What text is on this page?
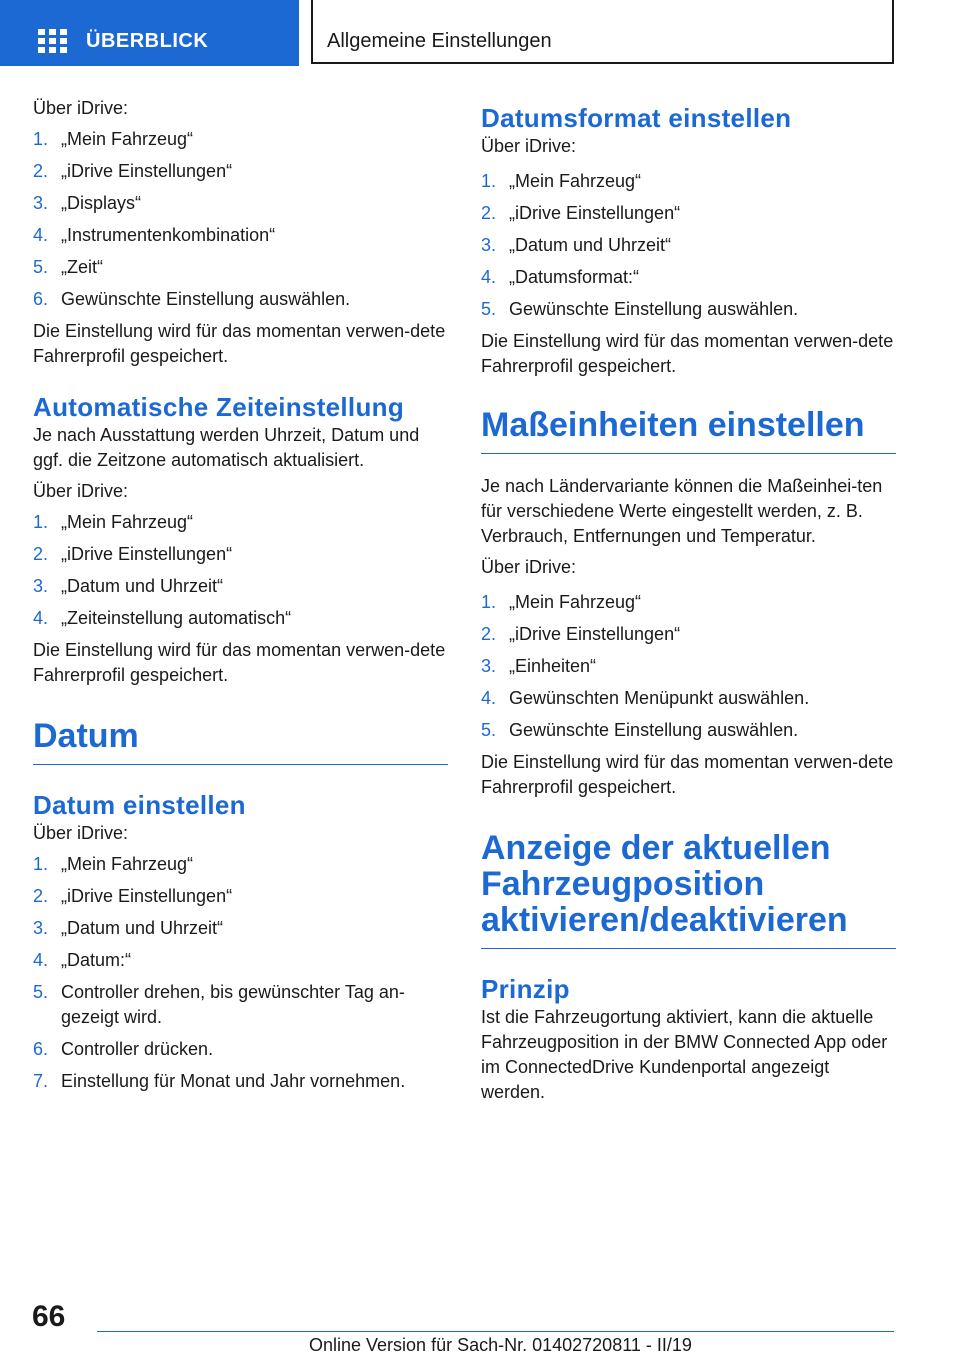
ÜBERBLICK	Allgemeine Einstellungen

Über iDrive:

1. „Mein Fahrzeug“
2. „iDrive Einstellungen“
3. „Displays“
4. „Instrumentenkombination“
5. „Zeit“
6. Gewünschte Einstellung auswählen.

Die Einstellung wird für das momentan verwen‐dete Fahrerprofil gespeichert.

Automatische Zeiteinstellung

Je nach Ausstattung werden Uhrzeit, Datum und ggf. die Zeitzone automatisch aktualisiert.

Über iDrive:

1. „Mein Fahrzeug“
2. „iDrive Einstellungen“
3. „Datum und Uhrzeit“
4. „Zeiteinstellung automatisch“

Die Einstellung wird für das momentan verwen‐dete Fahrerprofil gespeichert.

Datum
Datum einstellen

Über iDrive:

1. „Mein Fahrzeug“
2. „iDrive Einstellungen“
3. „Datum und Uhrzeit“
4. „Datum:“
5. Controller drehen, bis gewünschter Tag an‐gezeigt wird.
6. Controller drücken.
7. Einstellung für Monat und Jahr vornehmen.
Datumsformat einstellen

Über iDrive:

1. „Mein Fahrzeug“
2. „iDrive Einstellungen“
3. „Datum und Uhrzeit“
4. „Datumsformat:“
5. Gewünschte Einstellung auswählen.

Die Einstellung wird für das momentan verwen‐dete Fahrerprofil gespeichert.

Maßeinheiten einstellen

Je nach Ländervariante können die Maßeinhei‐ten für verschiedene Werte eingestellt werden, z. B. Verbrauch, Entfernungen und Temperatur.

Über iDrive:

1. „Mein Fahrzeug“
2. „iDrive Einstellungen“
3. „Einheiten“
4. Gewünschten Menüpunkt auswählen.
5. Gewünschte Einstellung auswählen.

Die Einstellung wird für das momentan verwen‐dete Fahrerprofil gespeichert.

Anzeige der aktuellen Fahrzeugposition aktivieren/deaktivieren
Prinzip

Ist die Fahrzeugortung aktiviert, kann die aktuelle Fahrzeugposition in der BMW Connected App oder im ConnectedDrive Kundenportal angezeigt werden.

66
Online Version für Sach-Nr. 01402720811 - II/19
